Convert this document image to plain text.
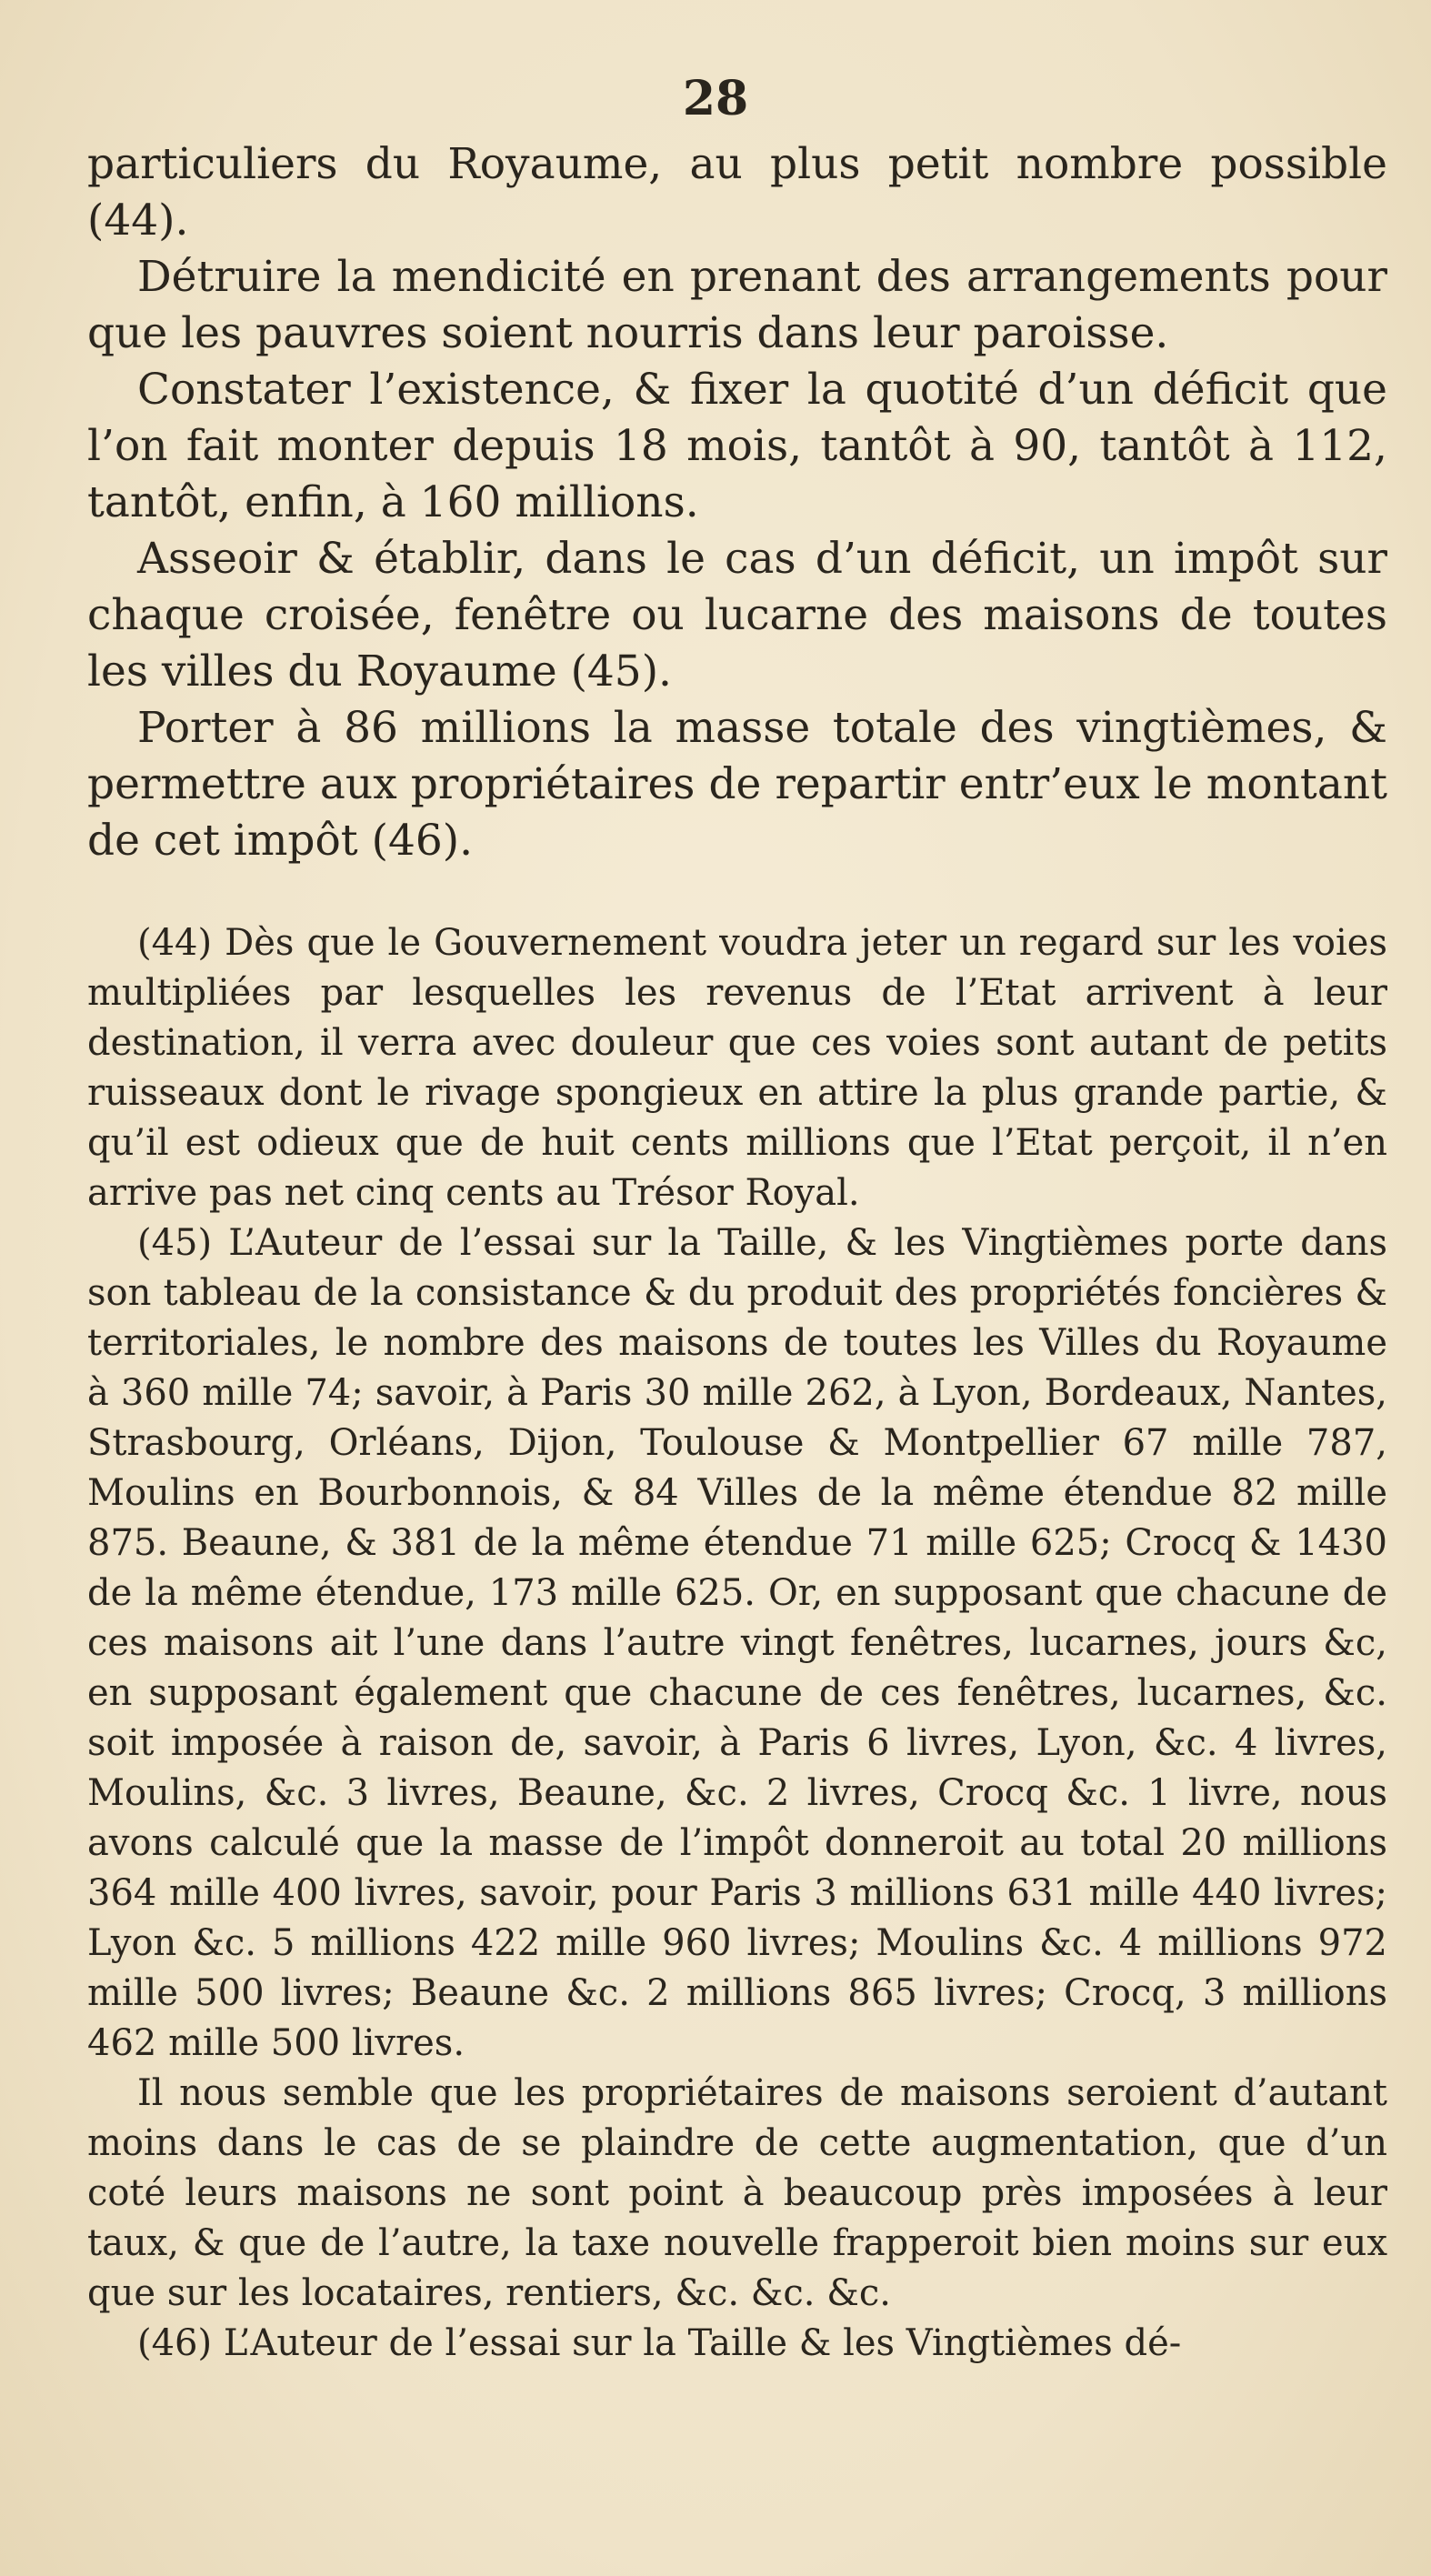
28

particuliers du Royaume, au plus petit nombre possible (44).

Détruire la mendicité en prenant des arrangements pour que les pauvres soient nourris dans leur paroisse.

Constater l’existence, & fixer la quotité d’un déficit que l’on fait monter depuis 18 mois, tantôt à 90, tantôt à 112, tantôt, enfin, à 160 millions.

Asseoir & établir, dans le cas d’un déficit, un impôt sur chaque croisée, fenêtre ou lucarne des maisons de toutes les villes du Royaume (45).

Porter à 86 millions la masse totale des vingtièmes, & permettre aux propriétaires de repartir entr’eux le montant de cet impôt (46).

(44) Dès que le Gouvernement voudra jeter un regard sur les voies multipliées par lesquelles les revenus de l’Etat arrivent à leur destination, il verra avec douleur que ces voies sont autant de petits ruisseaux dont le rivage spongieux en attire la plus grande partie, & qu’il est odieux que de huit cents millions que l’Etat perçoit, il n’en arrive pas net cinq cents au Trésor Royal.

(45) L’Auteur de l’essai sur la Taille, & les Vingtièmes porte dans son tableau de la consistance & du produit des propriétés foncières & territoriales, le nombre des maisons de toutes les Villes du Royaume à 360 mille 74; savoir, à Paris 30 mille 262, à Lyon, Bordeaux, Nantes, Strasbourg, Orléans, Dijon, Toulouse & Montpellier 67 mille 787, Moulins en Bourbonnois, & 84 Villes de la même étendue 82 mille 875. Beaune, & 381 de la même étendue 71 mille 625; Crocq & 1430 de la même étendue, 173 mille 625. Or, en supposant que chacune de ces maisons ait l’une dans l’autre vingt fenêtres, lucarnes, jours &c, en supposant également que chacune de ces fenêtres, lucarnes, &c. soit imposée à raison de, savoir, à Paris 6 livres, Lyon, &c. 4 livres, Moulins, &c. 3 livres, Beaune, &c. 2 livres, Crocq &c. 1 livre, nous avons calculé que la masse de l’impôt donneroit au total 20 millions 364 mille 400 livres, savoir, pour Paris 3 millions 631 mille 440 livres; Lyon &c. 5 millions 422 mille 960 livres; Moulins &c. 4 millions 972 mille 500 livres; Beaune &c. 2 millions 865 livres; Crocq, 3 millions 462 mille 500 livres.

Il nous semble que les propriétaires de maisons seroient d’autant moins dans le cas de se plaindre de cette augmentation, que d’un coté leurs maisons ne sont point à beaucoup près imposées à leur taux, & que de l’autre, la taxe nouvelle frapperoit bien moins sur eux que sur les locataires, rentiers, &c. &c. &c.

(46) L’Auteur de l’essai sur la Taille & les Vingtièmes dé-
